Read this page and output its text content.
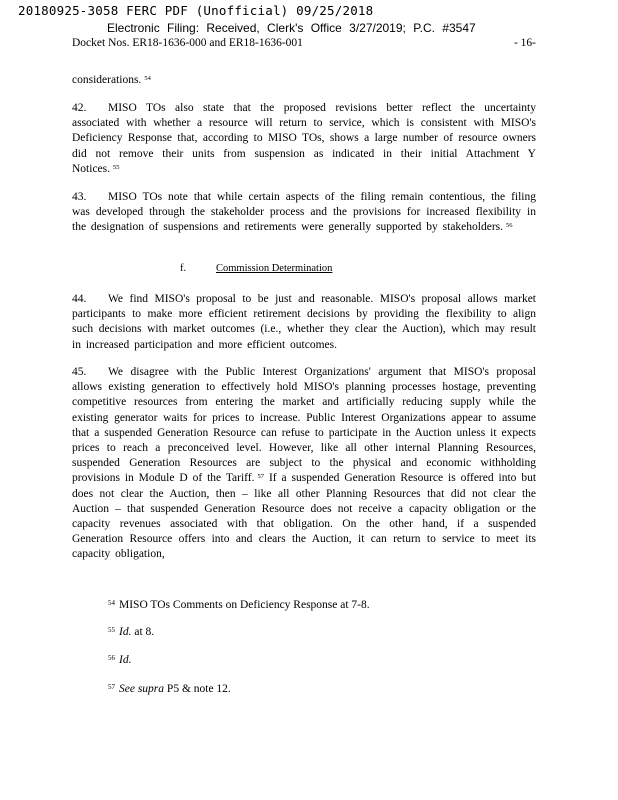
20180925-3058 FERC PDF (Unofficial) 09/25/2018
Electronic Filing: Received, Clerk's Office 3/27/2019; P.C. #3547
Docket Nos. ER18-1636-000 and ER18-1636-001	- 16-
considerations. $^{54}$
42. MISO TOs also state that the proposed revisions better reflect the uncertainty associated with whether a resource will return to service, which is consistent with MISO's Deficiency Response that, according to MISO TOs, shows a large number of resource owners did not remove their units from suspension as indicated in their initial Attachment Y Notices. $^{55}$
43. MISO TOs note that while certain aspects of the filing remain contentious, the filing was developed through the stakeholder process and the provisions for increased flexibility in the designation of suspensions and retirements were generally supported by stakeholders. $^{56}$
f.	Commission Determination
44. We find MISO's proposal to be just and reasonable. MISO's proposal allows market participants to make more efficient retirement decisions by providing the flexibility to align such decisions with market outcomes (i.e., whether they clear the Auction), which may result in increased participation and more efficient outcomes.
45. We disagree with the Public Interest Organizations' argument that MISO's proposal allows existing generation to effectively hold MISO's planning processes hostage, preventing competitive resources from entering the market and artificially reducing supply while the existing generator waits for prices to increase. Public Interest Organizations appear to assume that a suspended Generation Resource can refuse to participate in the Auction unless it expects prices to reach a preconceived level. However, like all other internal Planning Resources, suspended Generation Resources are subject to the physical and economic withholding provisions in Module D of the Tariff. $^{57}$ If a suspended Generation Resource is offered into but does not clear the Auction, then – like all other Planning Resources that did not clear the Auction – that suspended Generation Resource does not receive a capacity obligation or the capacity revenues associated with that obligation. On the other hand, if a suspended Generation Resource offers into and clears the Auction, it can return to service to meet its capacity obligation,
$^{54}$ MISO TOs Comments on Deficiency Response at 7-8.
$^{55}$ Id. at 8.
$^{56}$ Id.
$^{57}$ See supra P5 & note 12.
